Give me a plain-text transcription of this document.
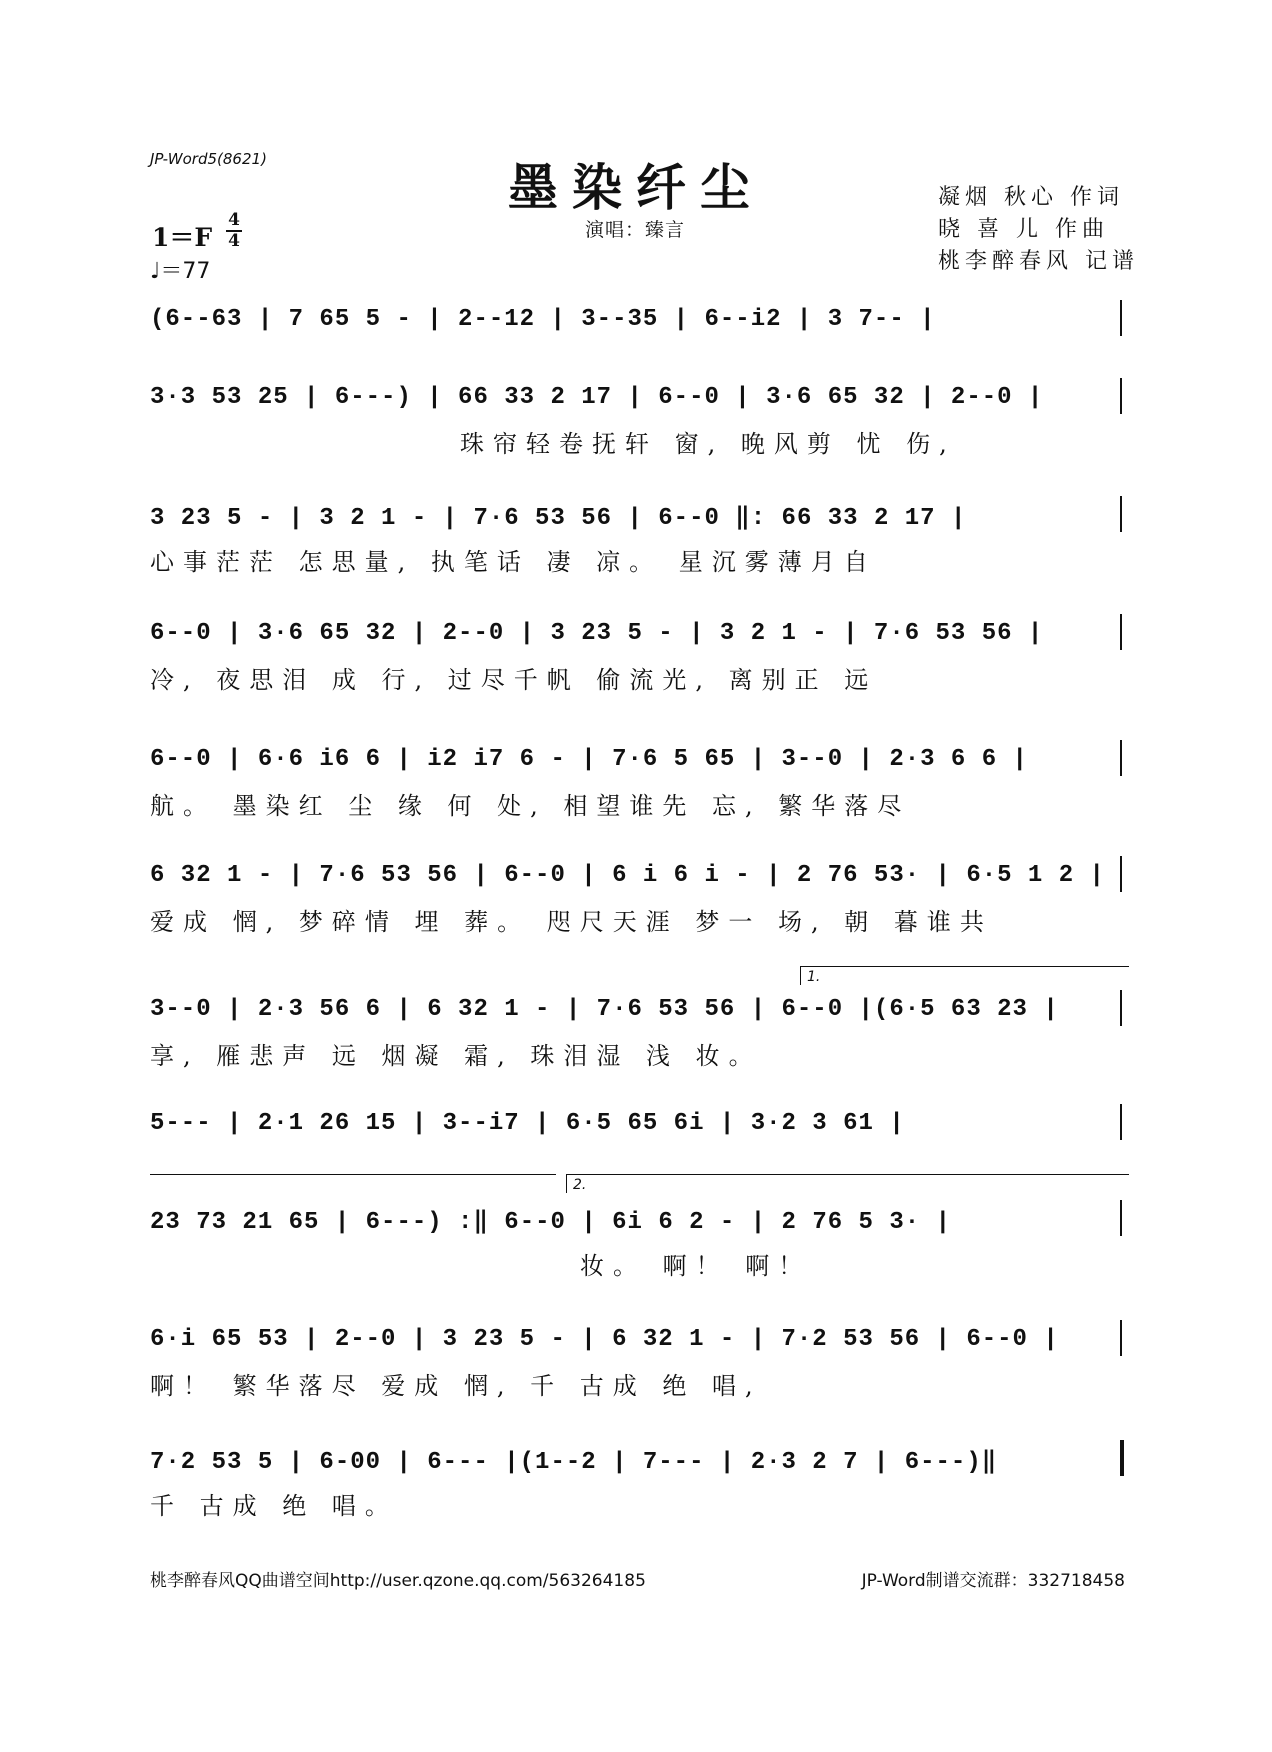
JP-Word5(8621)	墨染纤尘
演唱：臻言
凝烟 秋心 作词
晓 喜 儿 作曲
桃李醉春风 记谱
1＝F
4
4
♩＝77
(6--63 | 7 65 5 - | 2--12 | 3--35 | 6--i2 | 3 7-- |
3·3 53 25 | 6---) | 66 33 2 17 | 6--0 | 3·6 65 32 | 2--0 |
珠帘轻卷抚轩 窗, 晚风剪 忧 伤,
3 23 5 - | 3 2 1 - | 7·6 53 56 | 6--0 ‖: 66 33 2 17 |
心事茫茫 怎思量, 执笔话 凄 凉。 星沉雾薄月自
6--0 | 3·6 65 32 | 2--0 | 3 23 5 - | 3 2 1 - | 7·6 53 56 |
冷, 夜思泪 成 行, 过尽千帆 偷流光, 离别正 远
6--0 | 6·6 i6 6 | i2 i7 6 - | 7·6 5 65 | 3--0 | 2·3 6 6 |
航。 墨染红 尘 缘 何 处, 相望谁先 忘, 繁华落尽
6 32 1 - | 7·6 53 56 | 6--0 | 6 i 6 i - | 2 76 53· | 6·5 1 2 |
爱成 惘, 梦碎情 埋 葬。 咫尺天涯 梦一 场, 朝 暮谁共
1.
3--0 | 2·3 56 6 | 6 32 1 - | 7·6 53 56 | 6--0 |(6·5 63 23 |
享, 雁悲声 远 烟凝 霜, 珠泪湿 浅 妆。
5--- | 2·1 26 15 | 3--i7 | 6·5 65 6i | 3·2 3 61 |
2.
23 73 21 65 | 6---) :‖ 6--0 | 6i 6 2 - | 2 76 5 3· |
妆。 啊！ 啊！
6·i 65 53 | 2--0 | 3 23 5 - | 6 32 1 - | 7·2 53 56 | 6--0 |
啊！ 繁华落尽 爱成 惘, 千 古成 绝 唱,
7·2 53 5 | 6-00 | 6--- |(1--2 | 7--- | 2·3 2 7 | 6---)‖
千 古成 绝 唱。
桃李醉春风QQ曲谱空间http://user.qzone.qq.com/563264185	JP-Word制谱交流群：332718458
